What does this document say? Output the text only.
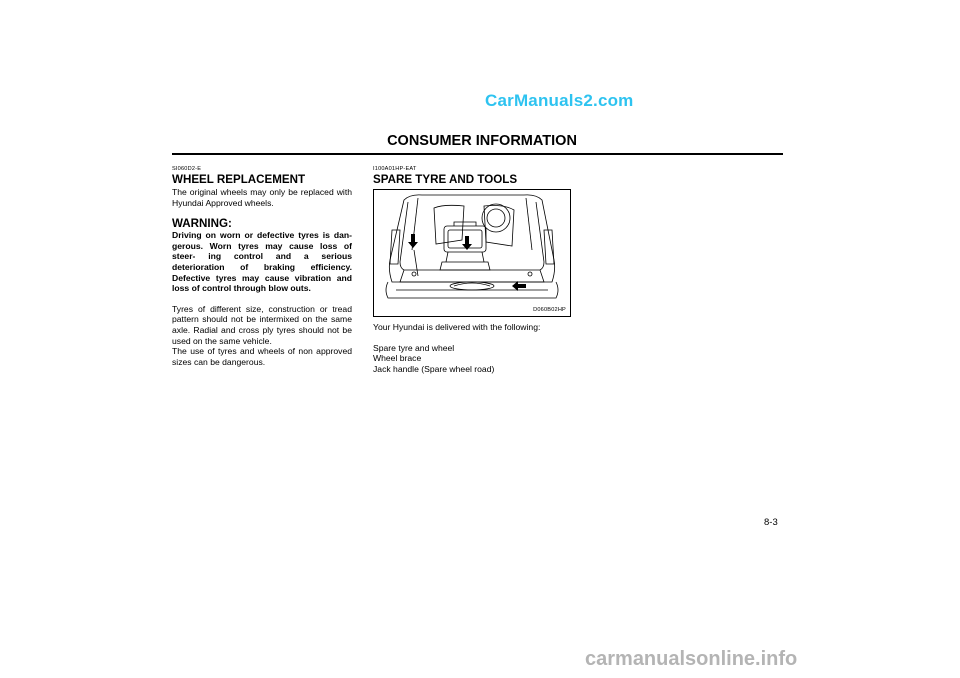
CarManuals2.com
CONSUMER INFORMATION
SI060D2-E
WHEEL REPLACEMENT

The original wheels may only be replaced with Hyundai Approved wheels.

WARNING:

Driving on worn or defective tyres is dan- gerous. Worn tyres may cause loss of steer- ing control and a serious deterioration of braking efficiency. Defective tyres may cause vibration and loss of control through blow outs.

Tyres of different size, construction or tread pattern should not be intermixed on the same axle. Radial and cross ply tyres should not be used on the same vehicle.

The use of tyres and wheels of non approved sizes can be dangerous.

I100A01HP-EAT
SPARE TYRE AND TOOLS
D060B02HP

Your Hyundai is delivered with the following:

Spare tyre and wheel
Wheel brace
Jack handle (Spare wheel road)
8-3
carmanualsonline.info
